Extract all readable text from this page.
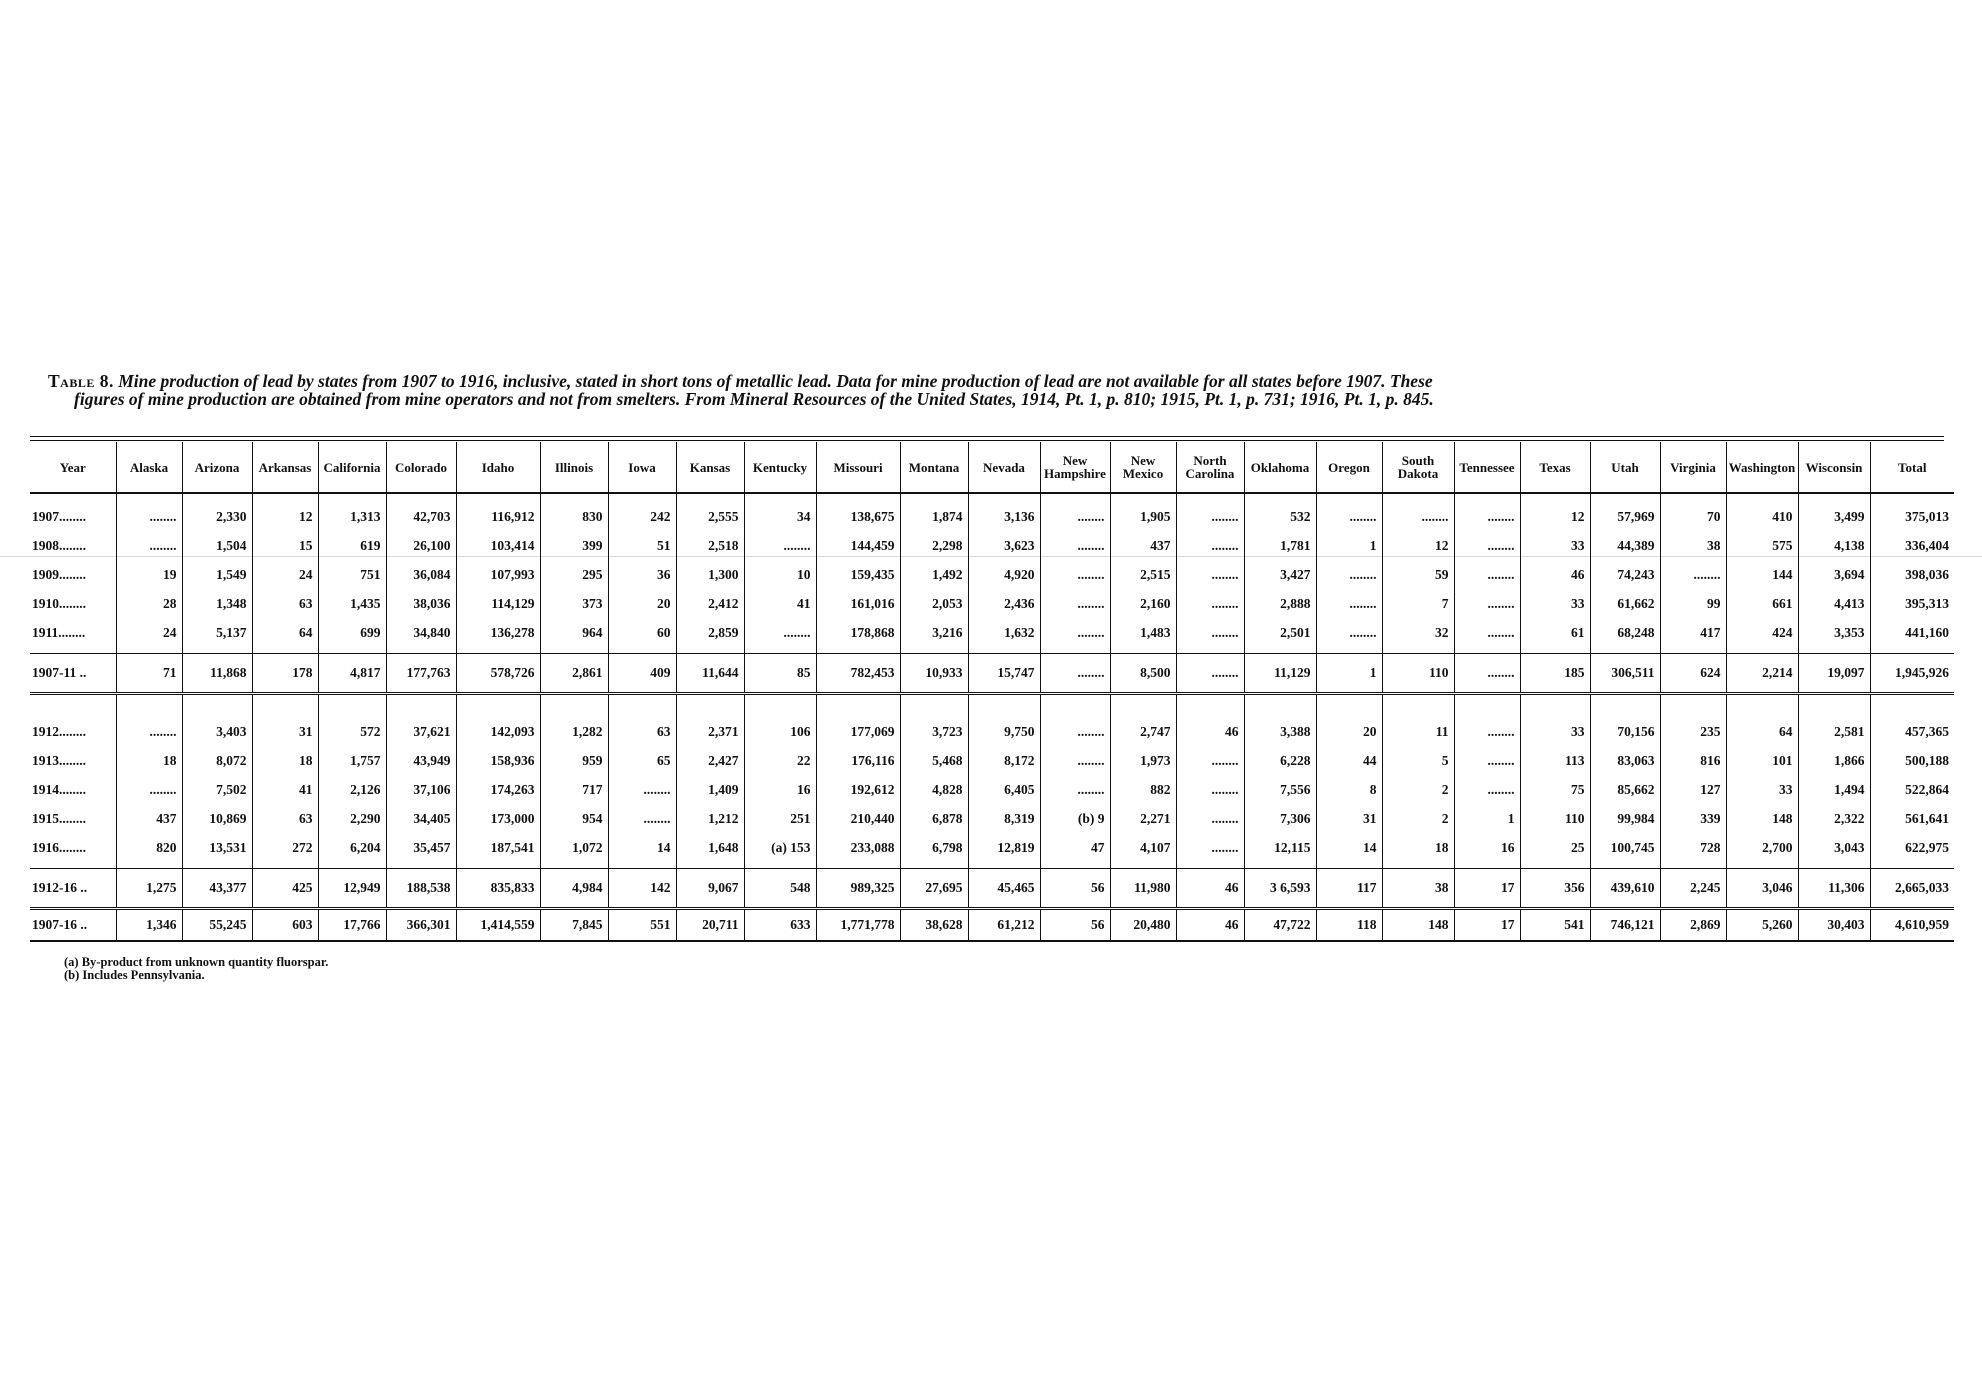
Table 8. Mine production of lead by states from 1907 to 1916, inclusive, stated in short tons of metallic lead. Data for mine production of lead are not available for all states before 1907. These
figures of mine production are obtained from mine operators and not from smelters. From Mineral Resources of the United States, 1914, Pt. 1, p. 810; 1915, Pt. 1, p. 731; 1916, Pt. 1, p. 845.
Year	Alaska	Arizona	Arkansas	California	Colorado	Idaho	Illinois	Iowa	Kansas	Kentucky	Missouri	Montana	Nevada	New Hampshire	New Mexico	North Carolina	Oklahoma	Oregon	South Dakota	Tennessee	Texas	Utah	Virginia	Washington	Wisconsin	Total
1907........	........	2,330	12	1,313	42,703	116,912	830	242	2,555	34	138,675	1,874	3,136	........	1,905	........	532	........	........	........	12	57,969	70	410	3,499	375,013
1908........	........	1,504	15	619	26,100	103,414	399	51	2,518	........	144,459	2,298	3,623	........	437	........	1,781	1	12	........	33	44,389	38	575	4,138	336,404
1909........	19	1,549	24	751	36,084	107,993	295	36	1,300	10	159,435	1,492	4,920	........	2,515	........	3,427	........	59	........	46	74,243	........	144	3,694	398,036
1910........	28	1,348	63	1,435	38,036	114,129	373	20	2,412	41	161,016	2,053	2,436	........	2,160	........	2,888	........	7	........	33	61,662	99	661	4,413	395,313
1911........	24	5,137	64	699	34,840	136,278	964	60	2,859	........	178,868	3,216	1,632	........	1,483	........	2,501	........	32	........	61	68,248	417	424	3,353	441,160

1907-11 ..	71	11,868	178	4,817	177,763	578,726	2,861	409	11,644	85	782,453	10,933	15,747	........	8,500	........	11,129	1	110	........	185	306,511	624	2,214	19,097	1,945,926

1912........	........	3,403	31	572	37,621	142,093	1,282	63	2,371	106	177,069	3,723	9,750	........	2,747	46	3,388	20	11	........	33	70,156	235	64	2,581	457,365
1913........	18	8,072	18	1,757	43,949	158,936	959	65	2,427	22	176,116	5,468	8,172	........	1,973	........	6,228	44	5	........	113	83,063	816	101	1,866	500,188
1914........	........	7,502	41	2,126	37,106	174,263	717	........	1,409	16	192,612	4,828	6,405	........	882	........	7,556	8	2	........	75	85,662	127	33	1,494	522,864
1915........	437	10,869	63	2,290	34,405	173,000	954	........	1,212	251	210,440	6,878	8,319	(b) 9	2,271	........	7,306	31	2	1	110	99,984	339	148	2,322	561,641
1916........	820	13,531	272	6,204	35,457	187,541	1,072	14	1,648	(a) 153	233,088	6,798	12,819	47	4,107	........	12,115	14	18	16	25	100,745	728	2,700	3,043	622,975

1912-16 ..	1,275	43,377	425	12,949	188,538	835,833	4,984	142	9,067	548	989,325	27,695	45,465	56	11,980	46	3 6,593	117	38	17	356	439,610	2,245	3,046	11,306	2,665,033
1907-16 ..	1,346	55,245	603	17,766	366,301	1,414,559	7,845	551	20,711	633	1,771,778	38,628	61,212	56	20,480	46	47,722	118	148	17	541	746,121	2,869	5,260	30,403	4,610,959
(a) By-product from unknown quantity fluorspar.
(b) Includes Pennsylvania.
